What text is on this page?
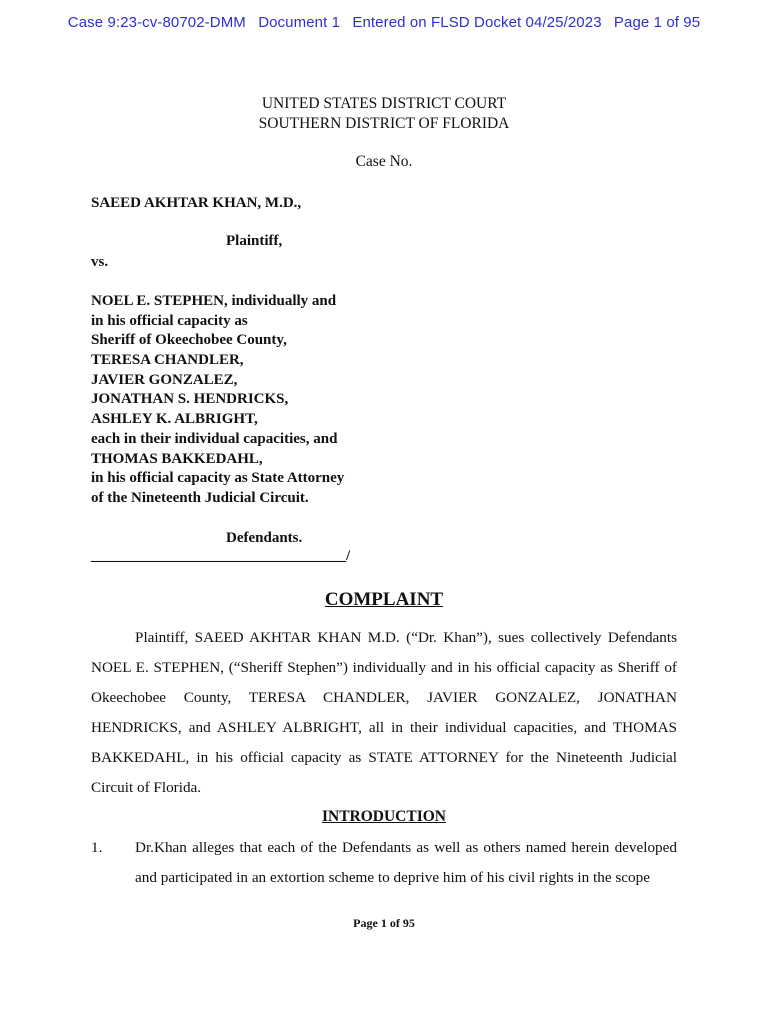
Case 9:23-cv-80702-DMM Document 1 Entered on FLSD Docket 04/25/2023 Page 1 of 95
UNITED STATES DISTRICT COURT
SOUTHERN DISTRICT OF FLORIDA
Case No.
SAEED AKHTAR KHAN, M.D.,
Plaintiff,
vs.
NOEL E. STEPHEN, individually and
in his official capacity as
Sheriff of Okeechobee County,
TERESA CHANDLER,
JAVIER GONZALEZ,
JONATHAN S. HENDRICKS,
ASHLEY K. ALBRIGHT,
each in their individual capacities, and
THOMAS BAKKEDAHL,
in his official capacity as State Attorney
of the Nineteenth Judicial Circuit.
Defendants.
__________________________________/
COMPLAINT
Plaintiff, SAEED AKHTAR KHAN M.D. (“Dr. Khan”), sues collectively Defendants NOEL E. STEPHEN, (“Sheriff Stephen”) individually and in his official capacity as Sheriff of Okeechobee County, TERESA CHANDLER, JAVIER GONZALEZ, JONATHAN HENDRICKS, and ASHLEY ALBRIGHT, all in their individual capacities, and THOMAS BAKKEDAHL, in his official capacity as STATE ATTORNEY for the Nineteenth Judicial Circuit of Florida.
INTRODUCTION
1. Dr.Khan alleges that each of the Defendants as well as others named herein developed and participated in an extortion scheme to deprive him of his civil rights in the scope
Page 1 of 95
